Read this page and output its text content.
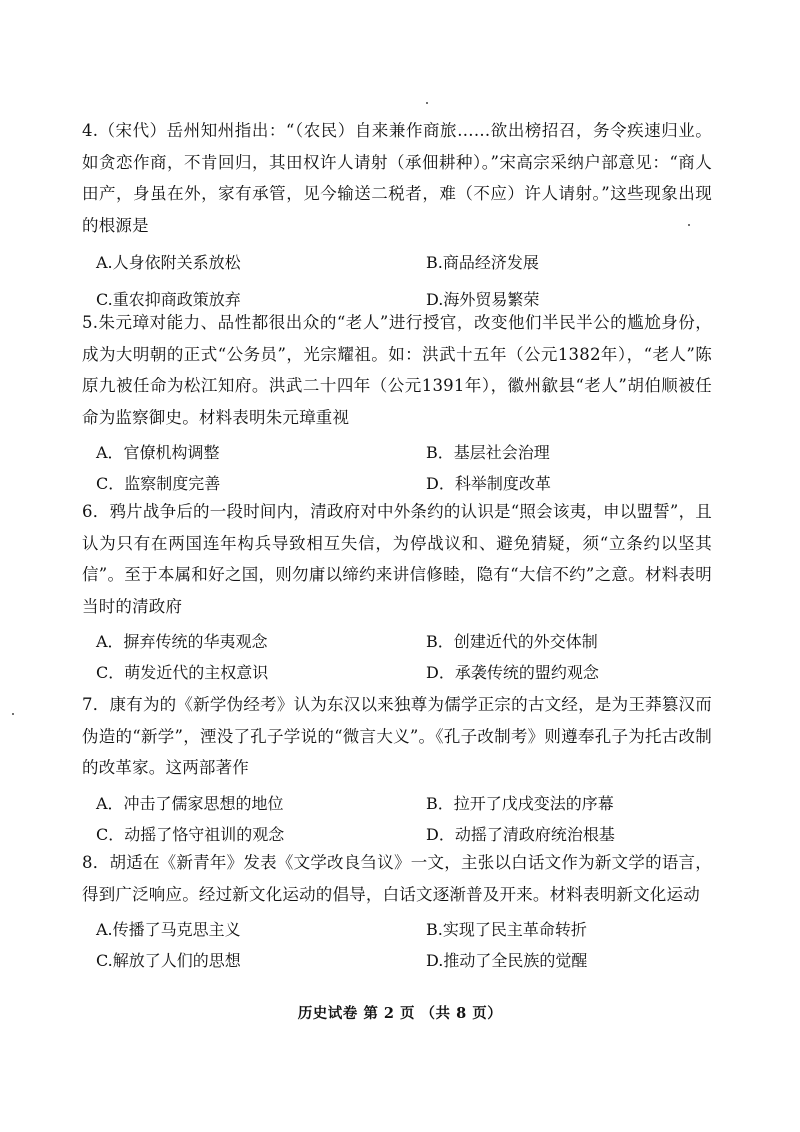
4.（宋代）岳州知州指出：“（农民）自来兼作商旅……欲出榜招召，务令疾速归业。如贪恋作商，不肯回归，其田权许人请射（承佃耕种）。”宋高宗采纳户部意见：“商人田产，身虽在外，家有承管，见今输送二税者，难（不应）许人请射。”这些现象出现的根源是

A.人身依附关系放松	B.商品经济发展
C.重农抑商政策放弃	D.海外贸易繁荣

5.朱元璋对能力、品性都很出众的“老人”进行授官，改变他们半民半公的尴尬身份，成为大明朝的正式“公务员”，光宗耀祖。如：洪武十五年（公元1382年），“老人”陈原九被任命为松江知府。洪武二十四年（公元1391年），徽州歙县“老人”胡伯顺被任命为监察御史。材料表明朱元璋重视

A．官僚机构调整	B．基层社会治理
C．监察制度完善	D．科举制度改革

6．鸦片战争后的一段时间内，清政府对中外条约的认识是“照会该夷，申以盟誓”，且认为只有在两国连年构兵导致相互失信，为停战议和、避免猜疑，须“立条约以坚其信”。至于本属和好之国，则勿庸以缔约来讲信修睦，隐有“大信不约”之意。材料表明当时的清政府

A．摒弃传统的华夷观念	B．创建近代的外交体制
C．萌发近代的主权意识	D．承袭传统的盟约观念

7．康有为的《新学伪经考》认为东汉以来独尊为儒学正宗的古文经，是为王莽篡汉而伪造的“新学”，湮没了孔子学说的“微言大义”。《孔子改制考》则遵奉孔子为托古改制的改革家。这两部著作

A．冲击了儒家思想的地位	B．拉开了戊戌变法的序幕
C．动摇了恪守祖训的观念	D．动摇了清政府统治根基

8．胡适在《新青年》发表《文学改良刍议》一文，主张以白话文作为新文学的语言，得到广泛响应。经过新文化运动的倡导，白话文逐渐普及开来。材料表明新文化运动

A.传播了马克思主义	B.实现了民主革命转折
C.解放了人们的思想	D.推动了全民族的觉醒
历史试卷 第 2 页 （共 8 页）
